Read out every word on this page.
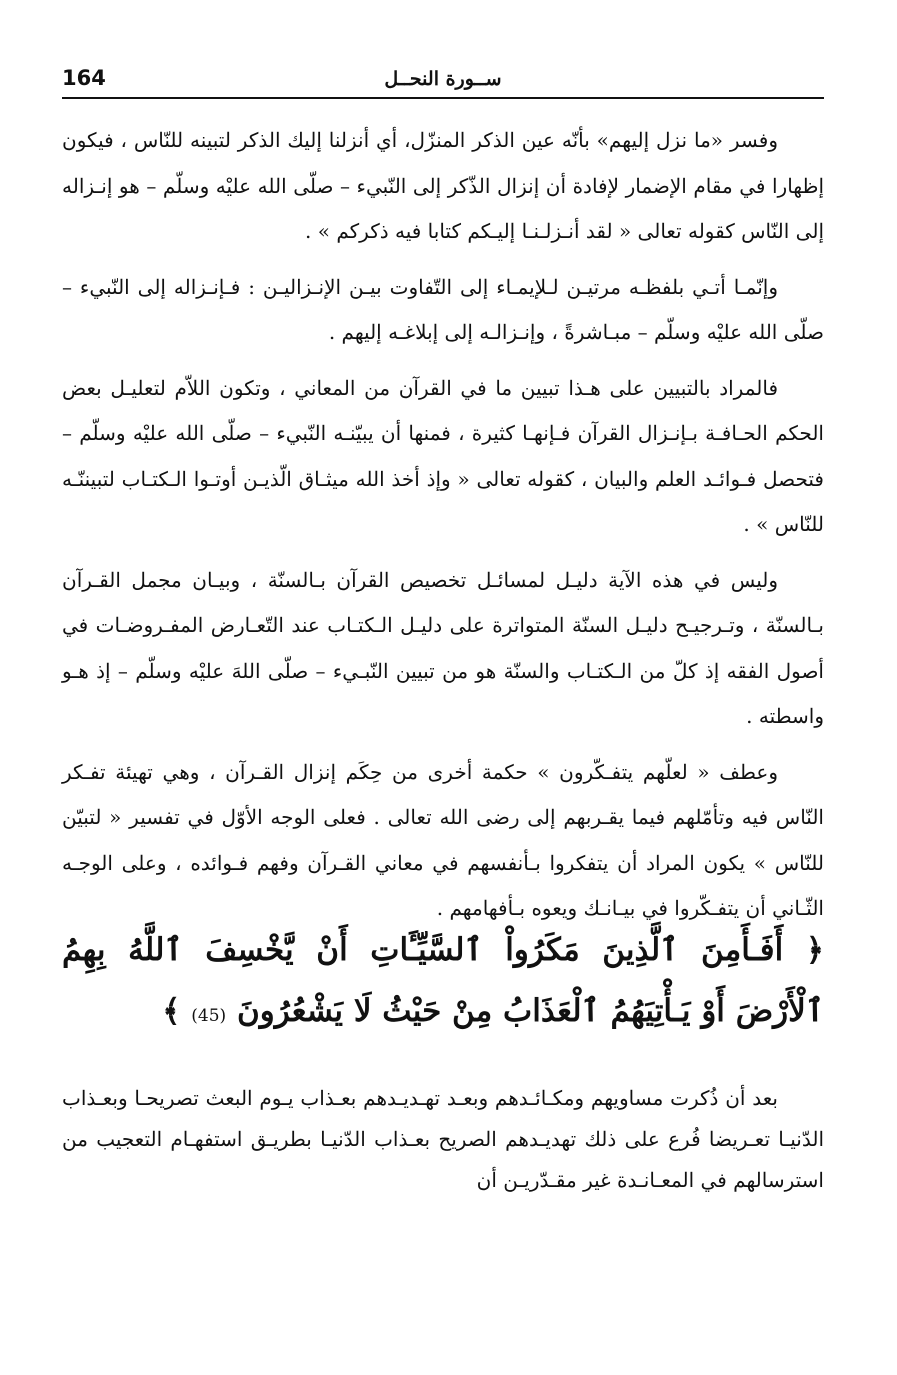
164	ســورة النحــل

وفسر «ما نزل إليهم» بأنّه عين الذكر المنزّل، أي أنزلنا إليك الذكر لتبينه للنّاس ، فيكون إظهارا في مقام الإضمار لإفادة أن إنزال الذّكر إلى النّبيء – صلّى الله عليْه وسلّم – هو إنـزاله إلى النّاس كقوله تعالى « لقد أنـزلـنـا إليـكم كتابا فيه ذكركم » .

وإنّمـا أتـي بلفظـه مرتيـن لـلإيمـاء إلى التّفاوت بيـن الإنـزاليـن : فـإنـزاله إلى النّبيء – صلّى الله عليْه وسلّم – مبـاشرةً ، وإنـزالـه إلى إبلاغـه إليهم .

فالمراد بالتبيين على هـذا تبيين ما في القرآن من المعاني ، وتكون اللاّم لتعليـل بعض الحكم الحـافـة بـإنـزال القرآن فـإنهـا كثيرة ، فمنها أن يبيّنـه النّبيء – صلّى الله عليْه وسلّم – فتحصل فـوائـد العلم والبيان ، كقوله تعالى « وإذ أخذ الله ميثـاق الّذيـن أوتـوا الـكتـاب لتبيننّـه للنّاس » .

وليس في هذه الآية دليـل لمسائـل تخصيص القرآن بـالسنّة ، وبيـان مجمل القـرآن بـالسنّة ، وتـرجيـح دليـل السنّة المتواترة على دليـل الـكتـاب عند التّعـارض المفـروضـات في أصول الفقه إذ كلّ من الـكتـاب والسنّة هو من تبيين النّبـيء – صلّى اللهَ عليْه وسلّم – إذ هـو واسطته .

وعطف « لعلّهم يتفـكّرون » حكمة أخرى من حِكَم إنزال القـرآن ، وهي تهيئة تفـكر النّاس فيه وتأمّلهم فيما يقـربهم إلى رضى الله تعالى . فعلى الوجه الأوّل في تفسير « لتبيّن للنّاس » يكون المراد أن يتفكروا بـأنفسهم في معاني القـرآن وفهم فـوائده ، وعلى الوجـه الثّـاني أن يتفـكّروا في بيـانـك ويعوه بـأفهامهم .

﴿ أَفَـأَمِنَ ٱلَّذِينَ مَكَرُواْ ٱلسَّيِّـَٔاتِ أَنْ يَّخْسِفَ ٱللَّهُ بِهِمُ ٱلْأَرْضَ أَوْ يَـأْتِيَهُمُ ٱلْعَذَابُ مِنْ حَيْثُ لَا يَشْعُرُونَ (45) ﴾

بعد أن ذُكرت مساويهم ومكـائـدهم وبعـد تهـديـدهم بعـذاب يـوم البعث تصريحـا وبعـذاب الدّنيـا تعـريضا فُرع على ذلك تهديـدهم الصريح بعـذاب الدّنيـا بطريـق استفهـام التعجيب من استرسالهم في المعـانـدة غير مقـدّريـن أن
